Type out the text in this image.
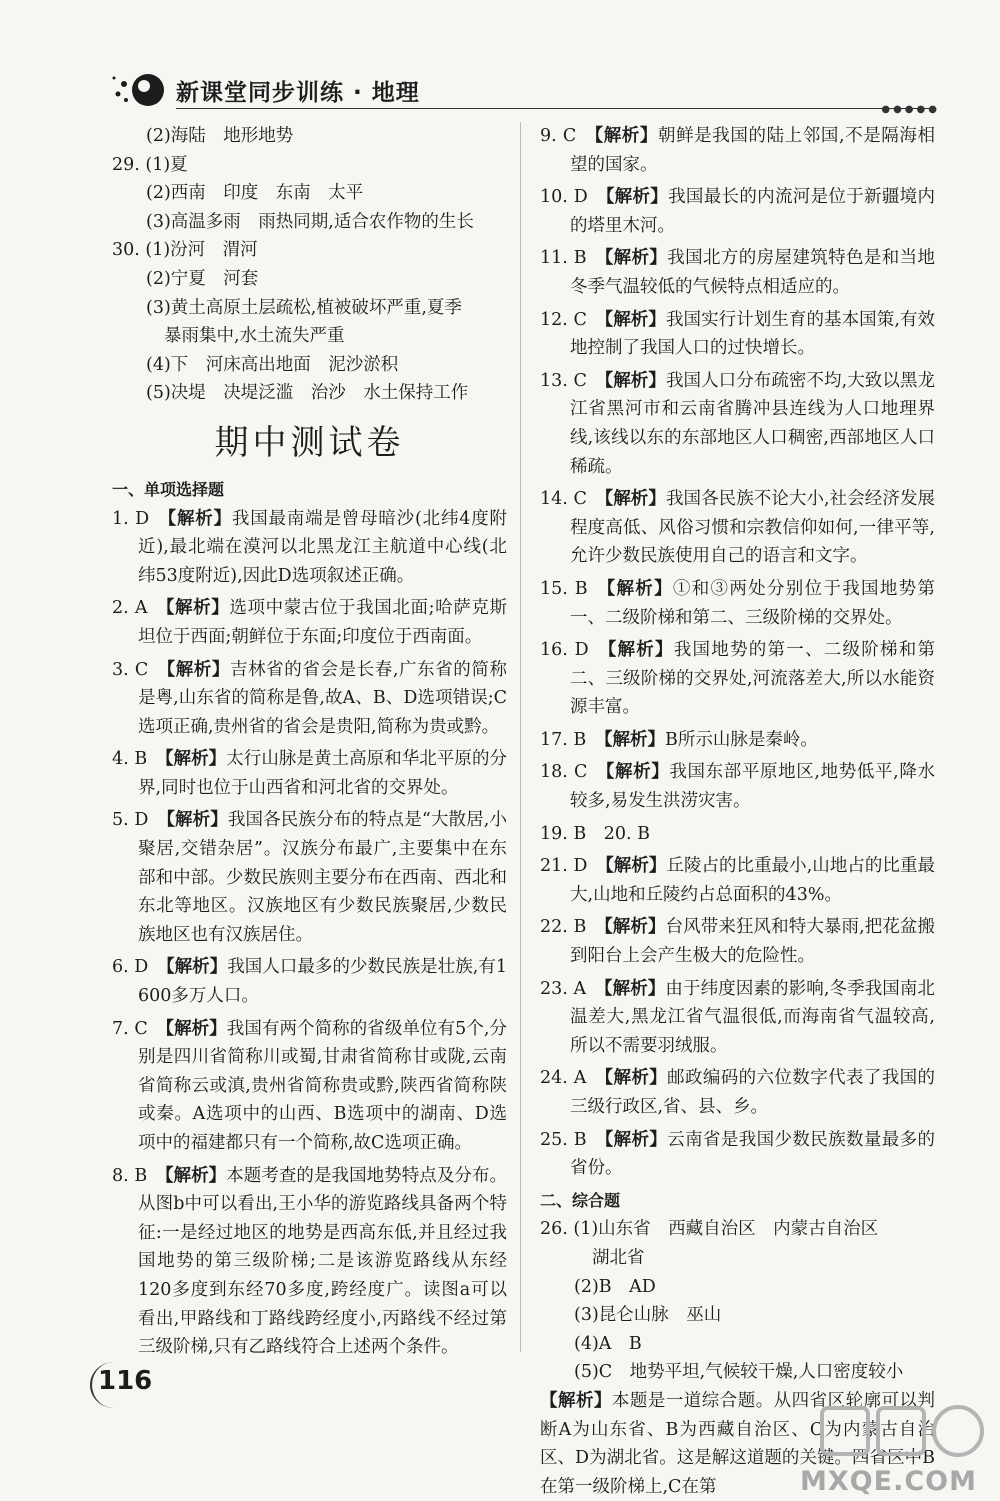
新课堂同步训练 · 地理
●●●●●
(2)海陆　地形地势
29. (1)夏
(2)西南　印度　东南　太平
(3)高温多雨　雨热同期,适合农作物的生长
30. (1)汾河　渭河
(2)宁夏　河套
(3)黄土高原土层疏松,植被破坏严重,夏季
暴雨集中,水土流失严重
(4)下　河床高出地面　泥沙淤积
(5)决堤　决堤泛滥　治沙　水土保持工作
期中测试卷
一、单项选择题
1. D  【解析】我国最南端是曾母暗沙(北纬4度附近),最北端在漠河以北黑龙江主航道中心线(北纬53度附近),因此D选项叙述正确。
2. A  【解析】选项中蒙古位于我国北面;哈萨克斯坦位于西面;朝鲜位于东面;印度位于西南面。
3. C  【解析】吉林省的省会是长春,广东省的简称是粤,山东省的简称是鲁,故A、B、D选项错误;C选项正确,贵州省的省会是贵阳,简称为贵或黔。
4. B  【解析】太行山脉是黄土高原和华北平原的分界,同时也位于山西省和河北省的交界处。
5. D  【解析】我国各民族分布的特点是“大散居,小聚居,交错杂居”。汉族分布最广,主要集中在东部和中部。少数民族则主要分布在西南、西北和东北等地区。汉族地区有少数民族聚居,少数民族地区也有汉族居住。
6. D  【解析】我国人口最多的少数民族是壮族,有1 600多万人口。
7. C  【解析】我国有两个简称的省级单位有5个,分别是四川省简称川或蜀,甘肃省简称甘或陇,云南省简称云或滇,贵州省简称贵或黔,陕西省简称陕或秦。A选项中的山西、B选项中的湖南、D选项中的福建都只有一个简称,故C选项正确。
8. B  【解析】本题考查的是我国地势特点及分布。从图b中可以看出,王小华的游览路线具备两个特征:一是经过地区的地势是西高东低,并且经过我国地势的第三级阶梯;二是该游览路线从东经120多度到东经70多度,跨经度广。读图a可以看出,甲路线和丁路线跨经度小,丙路线不经过第三级阶梯,只有乙路线符合上述两个条件。
9. C  【解析】朝鲜是我国的陆上邻国,不是隔海相望的国家。
10. D  【解析】我国最长的内流河是位于新疆境内的塔里木河。
11. B  【解析】我国北方的房屋建筑特色是和当地冬季气温较低的气候特点相适应的。
12. C  【解析】我国实行计划生育的基本国策,有效地控制了我国人口的过快增长。
13. C  【解析】我国人口分布疏密不均,大致以黑龙江省黑河市和云南省腾冲县连线为人口地理界线,该线以东的东部地区人口稠密,西部地区人口稀疏。
14. C  【解析】我国各民族不论大小,社会经济发展程度高低、风俗习惯和宗教信仰如何,一律平等,允许少数民族使用自己的语言和文字。
15. B  【解析】①和③两处分别位于我国地势第一、二级阶梯和第二、三级阶梯的交界处。
16. D  【解析】我国地势的第一、二级阶梯和第二、三级阶梯的交界处,河流落差大,所以水能资源丰富。
17. B  【解析】B所示山脉是秦岭。
18. C  【解析】我国东部平原地区,地势低平,降水较多,易发生洪涝灾害。
19. B　20. B 
21. D  【解析】丘陵占的比重最小,山地占的比重最大,山地和丘陵约占总面积的43%。
22. B  【解析】台风带来狂风和特大暴雨,把花盆搬到阳台上会产生极大的危险性。
23. A  【解析】由于纬度因素的影响,冬季我国南北温差大,黑龙江省气温很低,而海南省气温较高,所以不需要羽绒服。
24. A  【解析】邮政编码的六位数字代表了我国的三级行政区,省、县、乡。
25. B  【解析】云南省是我国少数民族数量最多的省份。
二、综合题
26. (1)山东省　西藏自治区　内蒙古自治区
湖北省
(2)B　AD
(3)昆仑山脉　巫山
(4)A　B
(5)C　地势平坦,气候较干燥,人口密度较小
【解析】本题是一道综合题。从四省区轮廓可以判断A为山东省、B为西藏自治区、C为内蒙古自治区、D为湖北省。这是解这道题的关键。四省区中B在第一级阶梯上,C在第
116
MXQE.COM
